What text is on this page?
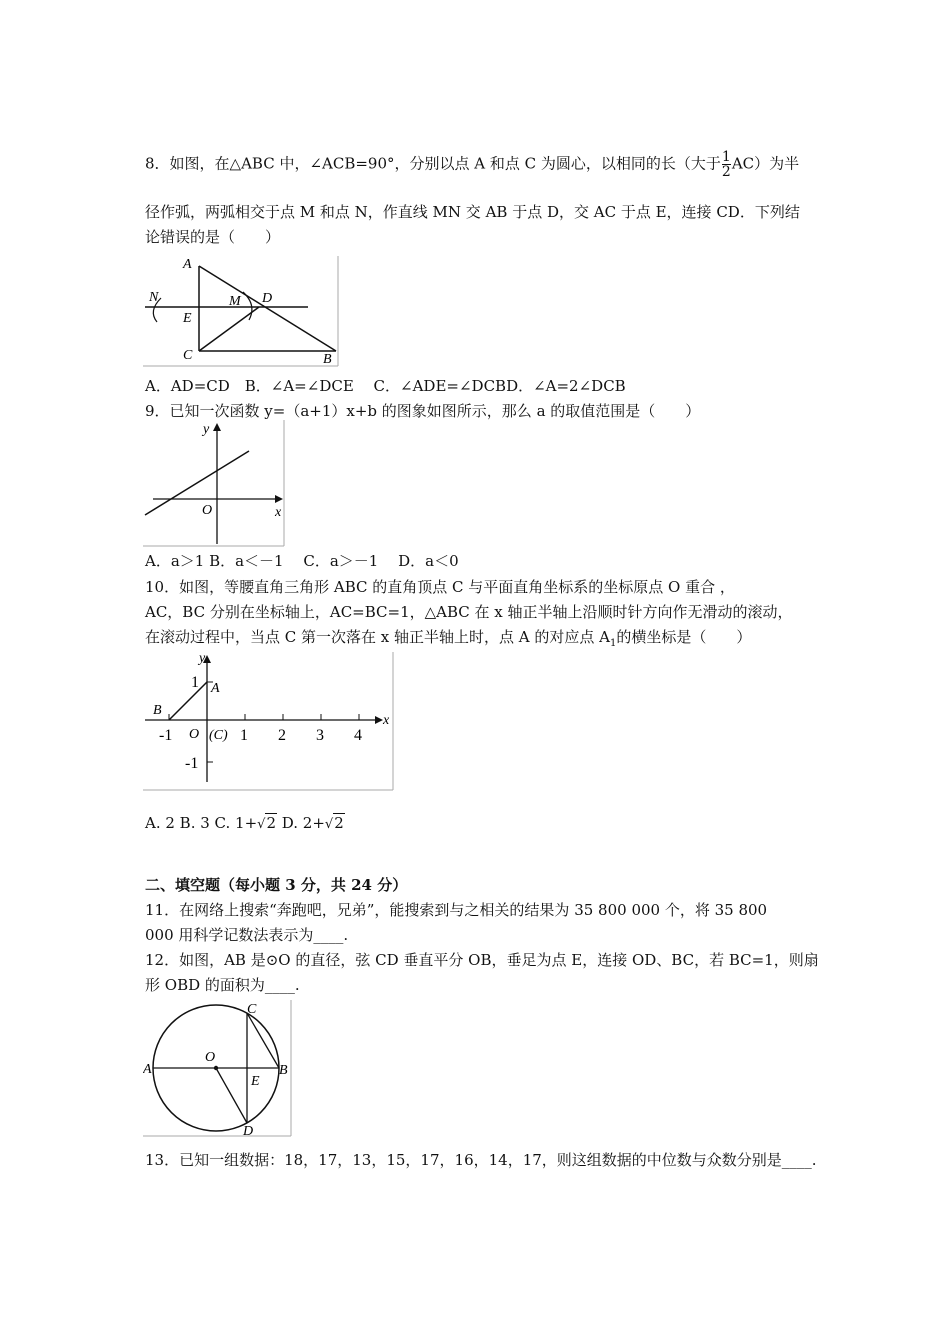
8．如图，在△ABC 中，∠ACB=90°，分别以点 A 和点 C 为圆心，以相同的长（大于 $\frac{1}{2} AC$）为半
径作弧，两弧相交于点 M 和点 N，作直线 MN 交 AB 于点 D，交 AC 于点 E，连接 CD．下列结
论错误的是（　　）
A
N	M D
E
C	B
A．AD=CD　B．∠A=∠DCE　 C．∠ADE=∠DCBD．∠A=2∠DCB
9．已知一次函数 y=（a+1）x+b 的图象如图所示，那么 a 的取值范围是（　　）
y
x
O
A．a＞1 B．a＜－1　 C．a＞－1　 D．a＜0
10．如图，等腰直角三角形 ABC 的直角顶点 C 与平面直角坐标系的坐标原点 O 重合 ，
AC，BC 分别在坐标轴上，AC=BC=1，△ABC 在 x 轴正半轴上沿顺时针方向作无滑动的滚动，
在滚动过程中，当点 C 第一次落在 x 轴正半轴上时，点 A 的对应点 $A_1$的横坐标是（　　）
y
x
1 A
B
O (C)
-1	1 2 3 4
-1
A. 2 B. 3 C. 1+√2 D. 2+√2
二、填空题（每小题 3 分，共 24 分）
11．在网络上搜索“奔跑吧，兄弟”，能搜索到与之相关的结果为 35 800 000 个，将 35 800
000 用科学记数法表示为____.
12．如图，AB 是⊙O 的直径，弦 CD 垂直平分 OB，垂足为点 E，连接 OD、BC，若 BC=1，则扇
形 OBD 的面积为____.
A
O
C
E
B
D
13．已知一组数据：18，17，13，15，17，16，14，17，则这组数据的中位数与众数分别是____.
